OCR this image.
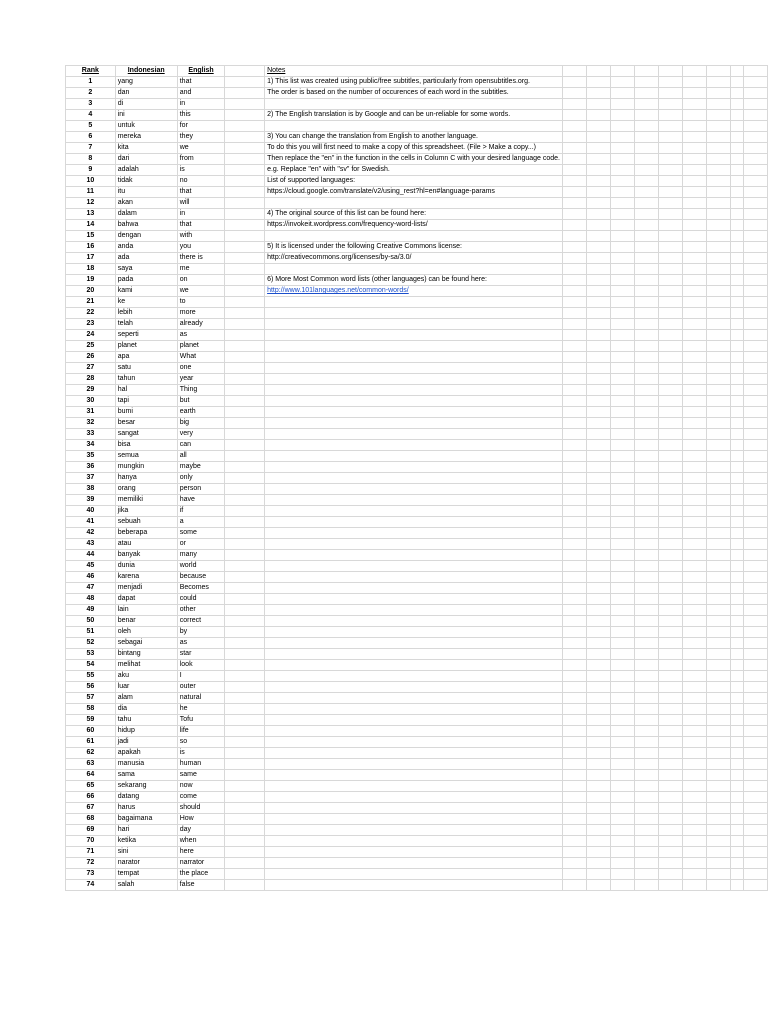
Rank	Indonesian	English		Notes									
1	yang	that		1) This list was created using public/free subtitles, particularly from opensubtitles.org.									
2	dan	and		The order is based on the number of occurences of each word in the subtitles.									
3	di	in											
4	ini	this		2) The English translation is by Google and can be un-reliable for some words.									
5	untuk	for											
6	mereka	they		3) You can change the translation from English to another language.									
7	kita	we		To do this you will first need to make a copy of this spreadsheet. (File > Make a copy...)									
8	dari	from		Then replace the "en" in the function in the cells in Column C with your desired language code.									
9	adalah	is		e.g. Replace "en" with "sv" for Swedish.									
10	tidak	no		List of supported languages:									
11	itu	that		https://cloud.google.com/translate/v2/using_rest?hl=en#language-params									
12	akan	will											
13	dalam	in		4) The original source of this list can be found here:									
14	bahwa	that		https://invokeit.wordpress.com/frequency-word-lists/									
15	dengan	with											
16	anda	you		5) It is licensed under the following Creative Commons license:									
17	ada	there is		http://creativecommons.org/licenses/by-sa/3.0/									
18	saya	me											
19	pada	on		6) More Most Common word lists (other languages) can be found here:									
20	kami	we		http://www.101languages.net/common-words/									
21	ke	to											
22	lebih	more											
23	telah	already											
24	seperti	as											
25	planet	planet											
26	apa	What											
27	satu	one											
28	tahun	year											
29	hal	Thing											
30	tapi	but											
31	bumi	earth											
32	besar	big											
33	sangat	very											
34	bisa	can											
35	semua	all											
36	mungkin	maybe											
37	hanya	only											
38	orang	person											
39	memiliki	have											
40	jika	if											
41	sebuah	a											
42	beberapa	some											
43	atau	or											
44	banyak	many											
45	dunia	world											
46	karena	because											
47	menjadi	Becomes											
48	dapat	could											
49	lain	other											
50	benar	correct											
51	oleh	by											
52	sebagai	as											
53	bintang	star											
54	melihat	look											
55	aku	I											
56	luar	outer											
57	alam	natural											
58	dia	he											
59	tahu	Tofu											
60	hidup	life											
61	jadi	so											
62	apakah	is											
63	manusia	human											
64	sama	same											
65	sekarang	now											
66	datang	come											
67	harus	should											
68	bagaimana	How											
69	hari	day											
70	ketika	when											
71	sini	here											
72	narator	narrator											
73	tempat	the place											
74	salah	false											
